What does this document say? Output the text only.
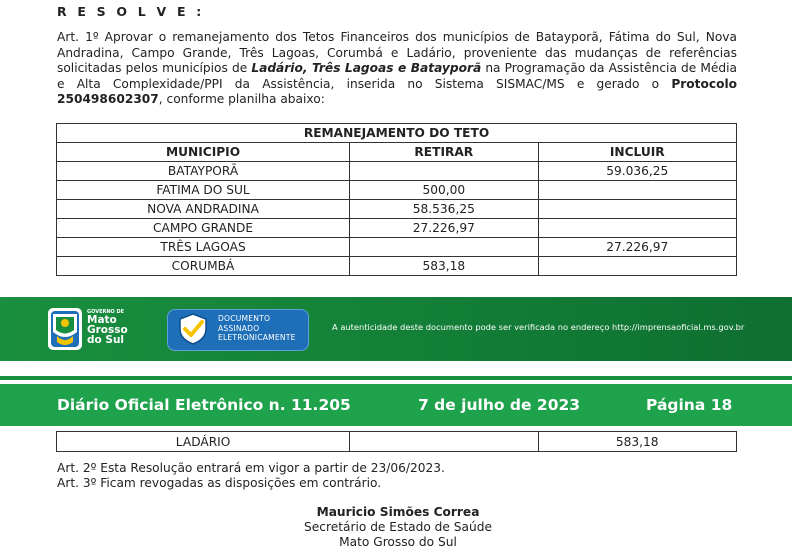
R E S O L V E :
Art. 1º Aprovar o remanejamento dos Tetos Financeiros dos municípios de Batayporã, Fátima do Sul, Nova Andradina, Campo Grande, Três Lagoas, Corumbá e Ladário, proveniente das mudanças de referências solicitadas pelos municípios de Ladário, Três Lagoas e Batayporã na Programação da Assistência de Média e Alta Complexidade/PPI da Assistência, inserida no Sistema SISMAC/MS e gerado o Protocolo 250498602307, conforme planilha abaixo:
REMANEJAMENTO DO TETO		
MUNICIPIO	RETIRAR	INCLUIR
BATAYPORÃ		59.036,25
FATIMA DO SUL	500,00	
NOVA ANDRADINA	58.536,25	
CAMPO GRANDE	27.226,97	
TRÊS LAGOAS		27.226,97
CORUMBÁ	583,18	
GOVERNO DE
Mato
Grosso
do Sul
DOCUMENTO
ASSINADO
ELETRONICAMENTE
A autenticidade deste documento pode ser verificada no endereço http://imprensaoficial.ms.gov.br
Diário Oficial Eletrônico n. 11.205	7 de julho de 2023	Página 18
LADÁRIO		583,18
Art. 2º Esta Resolução entrará em vigor a partir de 23/06/2023.
Art. 3º Ficam revogadas as disposições em contrário.
Mauricio Simões Correa
Secretário de Estado de Saúde
Mato Grosso do Sul
